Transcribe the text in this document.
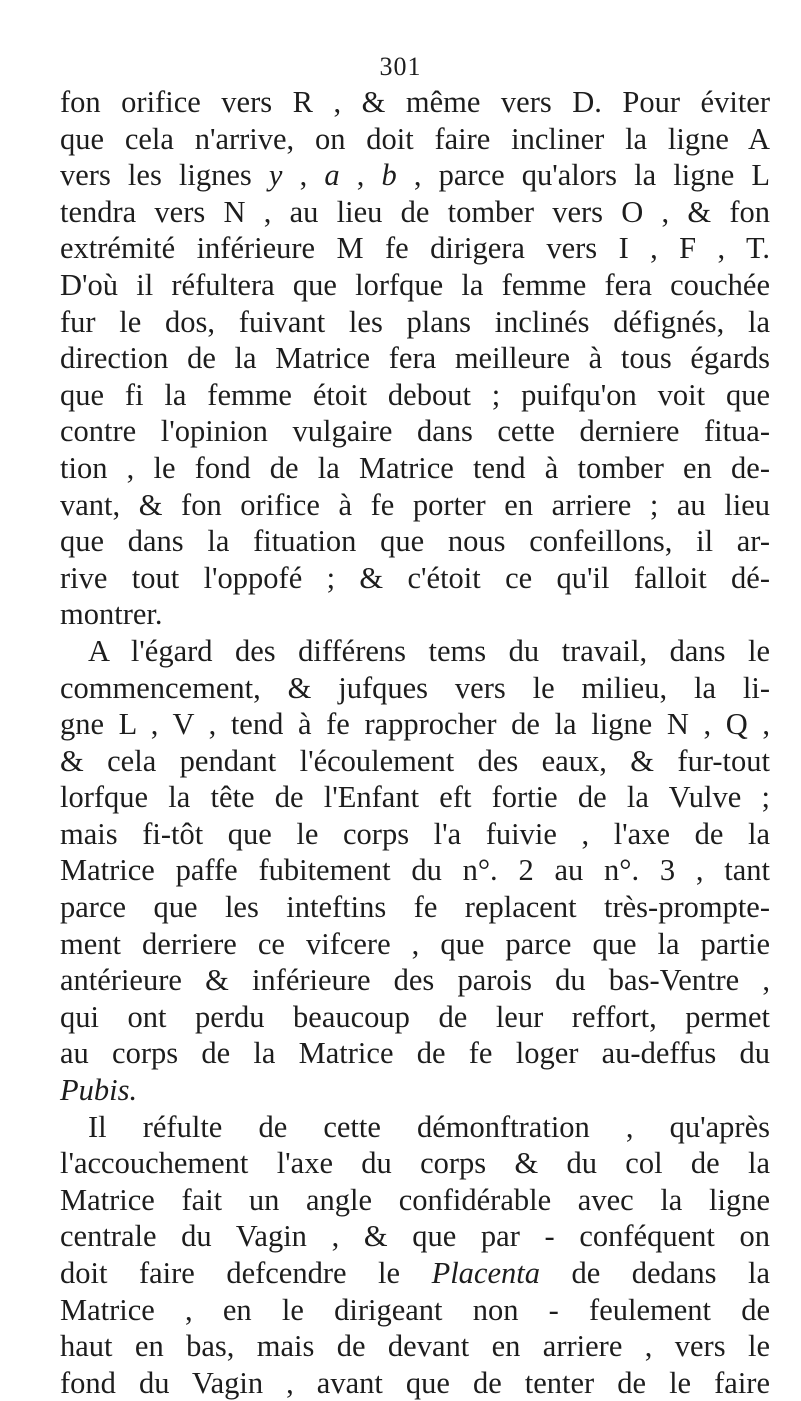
301
fon orifice vers R , & même vers D. Pour éviter
que cela n'arrive, on doit faire incliner la ligne A
vers les lignes y , a , b , parce qu'alors la ligne L
tendra vers N , au lieu de tomber vers O , & fon
extrémité inférieure M fe dirigera vers I , F , T.
D'où il réfultera que lorfque la femme fera couchée
fur le dos, fuivant les plans inclinés défignés, la
direction de la Matrice fera meilleure à tous égards
que fi la femme étoit debout ; puifqu'on voit que
contre l'opinion vulgaire dans cette derniere fitua-
tion , le fond de la Matrice tend à tomber en de-
vant, & fon orifice à fe porter en arriere ; au lieu
que dans la fituation que nous confeillons, il ar-
rive tout l'oppofé ; & c'étoit ce qu'il falloit dé-
montrer.
A l'égard des différens tems du travail, dans le
commencement, & jufques vers le milieu, la li-
gne L , V , tend à fe rapprocher de la ligne N , Q ,
& cela pendant l'écoulement des eaux, & fur-tout
lorfque la tête de l'Enfant eft fortie de la Vulve ;
mais fi-tôt que le corps l'a fuivie , l'axe de la
Matrice paffe fubitement du n°. 2 au n°. 3 , tant
parce que les inteftins fe replacent très-prompte-
ment derriere ce vifcere , que parce que la partie
antérieure & inférieure des parois du bas-Ventre ,
qui ont perdu beaucoup de leur reffort, permet
au corps de la Matrice de fe loger au-deffus du
Pubis.
Il réfulte de cette démonftration , qu'après
l'accouchement l'axe du corps & du col de la
Matrice fait un angle confidérable avec la ligne
centrale du Vagin , & que par - conféquent on
doit faire defcendre le Placenta de dedans la
Matrice , en le dirigeant non - feulement de
haut en bas, mais de devant en arriere , vers le
fond du Vagin , avant que de tenter de le faire
